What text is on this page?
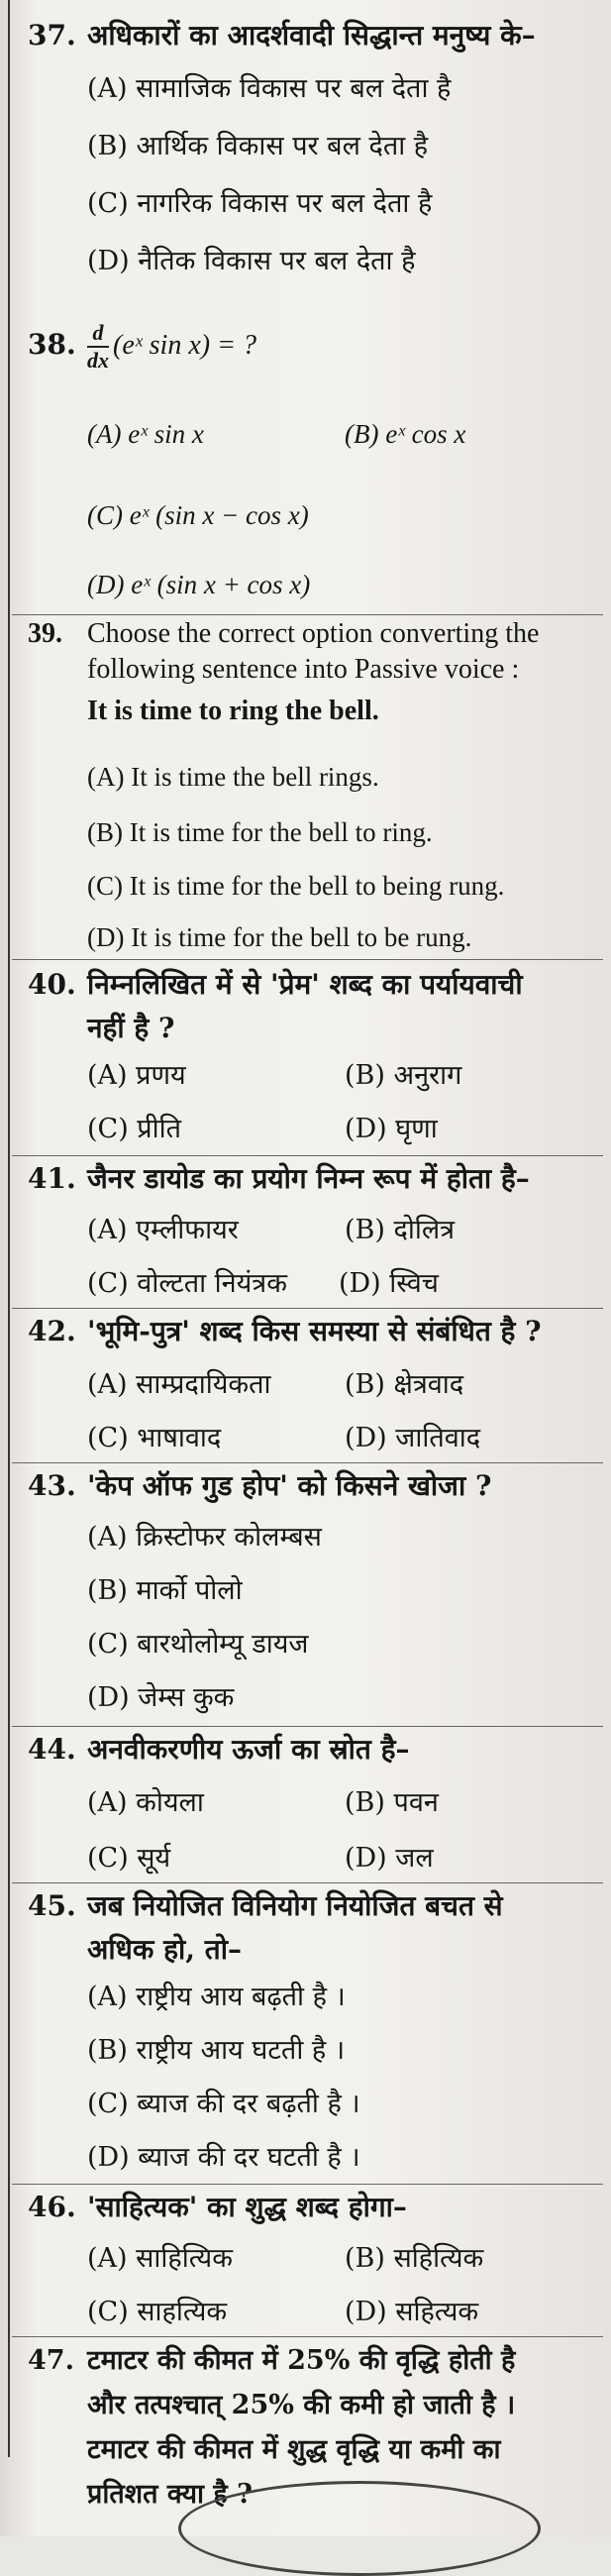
37. अधिकारों का आदर्शवादी सिद्धान्त मनुष्य के–
(A) सामाजिक विकास पर बल देता है
(B) आर्थिक विकास पर बल देता है
(C) नागरिक विकास पर बल देता है
(D) नैतिक विकास पर बल देता है
38. $\frac{d}{dx}$ (eˣ sin x) = ?
(A) eˣ sin x	(B) eˣ cos x
(C) eˣ (sin x − cos x)
(D) eˣ (sin x + cos x)
39. Choose the correct option converting the
following sentence into Passive voice :
It is time to ring the bell.
(A) It is time the bell rings.
(B) It is time for the bell to ring.
(C) It is time for the bell to being rung.
(D) It is time for the bell to be rung.
40. निम्नलिखित में से 'प्रेम' शब्द का पर्यायवाची
नहीं है ?
(A) प्रणय	(B) अनुराग
(C) प्रीति	(D) घृणा
41. जैनर डायोड का प्रयोग निम्न रूप में होता है–
(A) एम्लीफायर	(B) दोलित्र
(C) वोल्टता नियंत्रक (D) स्विच
42. 'भूमि-पुत्र' शब्द किस समस्या से संबंधित है ?
(A) साम्प्रदायिकता	(B) क्षेत्रवाद
(C) भाषावाद	(D) जातिवाद
43. 'केप ऑफ गुड होप' को किसने खोजा ?
(A) क्रिस्टोफर कोलम्बस
(B) मार्को पोलो
(C) बारथोलोम्यू डायज
(D) जेम्स कुक
44. अनवीकरणीय ऊर्जा का स्रोत है–
(A) कोयला	(B) पवन
(C) सूर्य	(D) जल
45. जब नियोजित विनियोग नियोजित बचत से
अधिक हो, तो–
(A) राष्ट्रीय आय बढ़ती है ।
(B) राष्ट्रीय आय घटती है ।
(C) ब्याज की दर बढ़ती है ।
(D) ब्याज की दर घटती है ।
46. 'साहित्यक' का शुद्ध शब्द होगा–
(A) साहित्यिक	(B) सहित्यिक
(C) साहत्यिक	(D) सहित्यक
47. टमाटर की कीमत में 25% की वृद्धि होती है
और तत्पश्चात् 25% की कमी हो जाती है ।
टमाटर की कीमत में शुद्ध वृद्धि या कमी का
प्रतिशत क्या है ?
